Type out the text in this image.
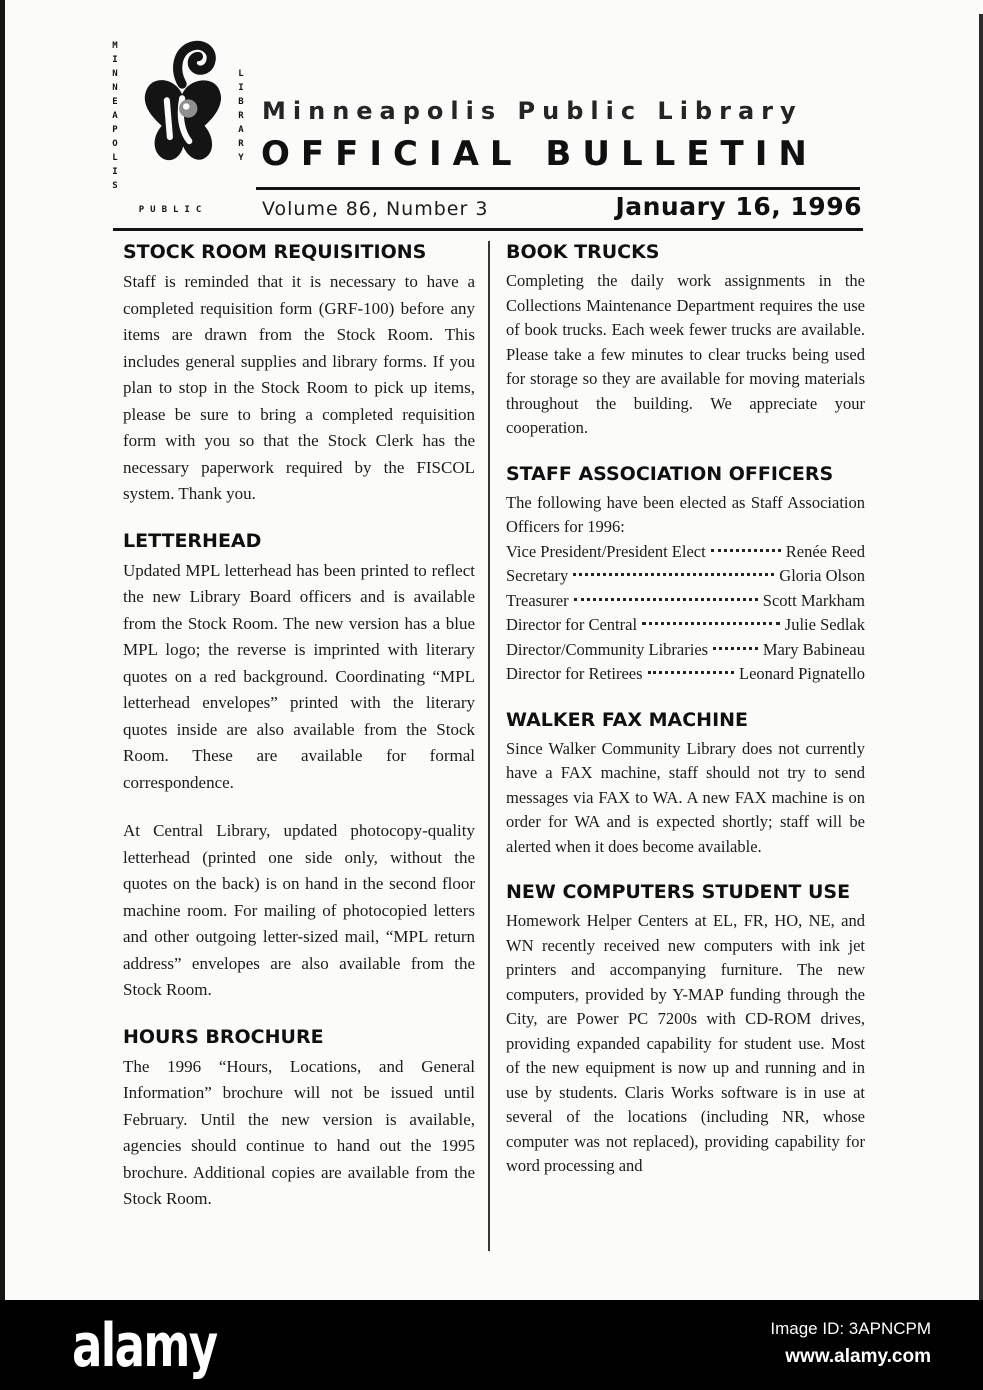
MINNEAPOLIS	LIBRARY
PUBLIC
Minneapolis Public Library
OFFICIAL BULLETIN
Volume 86, Number 3	January 16, 1996
STOCK ROOM REQUISITIONS

Staff is reminded that it is necessary to have a completed requisition form (GRF-100) before any items are drawn from the Stock Room. This includes general supplies and library forms. If you plan to stop in the Stock Room to pick up items, please be sure to bring a completed requisition form with you so that the Stock Clerk has the necessary paperwork required by the FISCOL system. Thank you.

LETTERHEAD

Updated MPL letterhead has been printed to reflect the new Library Board officers and is available from the Stock Room. The new version has a blue MPL logo; the reverse is imprinted with literary quotes on a red background. Coordinating “MPL letterhead envelopes” printed with the literary quotes inside are also available from the Stock Room. These are available for formal correspondence.

At Central Library, updated photocopy-quality letterhead (printed one side only, without the quotes on the back) is on hand in the second floor machine room. For mailing of photocopied letters and other outgoing letter-sized mail, “MPL return address” envelopes are also available from the Stock Room.

HOURS BROCHURE

The 1996 “Hours, Locations, and General Information” brochure will not be issued until February. Until the new version is available, agencies should continue to hand out the 1995 brochure. Additional copies are available from the Stock Room.

BOOK TRUCKS

Completing the daily work assignments in the Collections Maintenance Department requires the use of book trucks. Each week fewer trucks are available. Please take a few minutes to clear trucks being used for storage so they are available for moving materials throughout the building. We appreciate your cooperation.

STAFF ASSOCIATION OFFICERS

The following have been elected as Staff Association Officers for 1996:

Vice President/President Elect	Renée Reed
Secretary	Gloria Olson
Treasurer	Scott Markham
Director for Central	Julie Sedlak
Director/Community Libraries	Mary Babineau
Director for Retirees	Leonard Pignatello
WALKER FAX MACHINE

Since Walker Community Library does not currently have a FAX machine, staff should not try to send messages via FAX to WA. A new FAX machine is on order for WA and is expected shortly; staff will be alerted when it does become available.

NEW COMPUTERS STUDENT USE

Homework Helper Centers at EL, FR, HO, NE, and WN recently received new computers with ink jet printers and accompanying furniture. The new computers, provided by Y-MAP funding through the City, are Power PC 7200s with CD-ROM drives, providing expanded capability for student use. Most of the new equipment is now up and running and in use by students. Claris Works software is in use at several of the locations (including NR, whose computer was not replaced), providing capability for word processing and

alamy	Image ID: 3APNCPM
www.alamy.com
